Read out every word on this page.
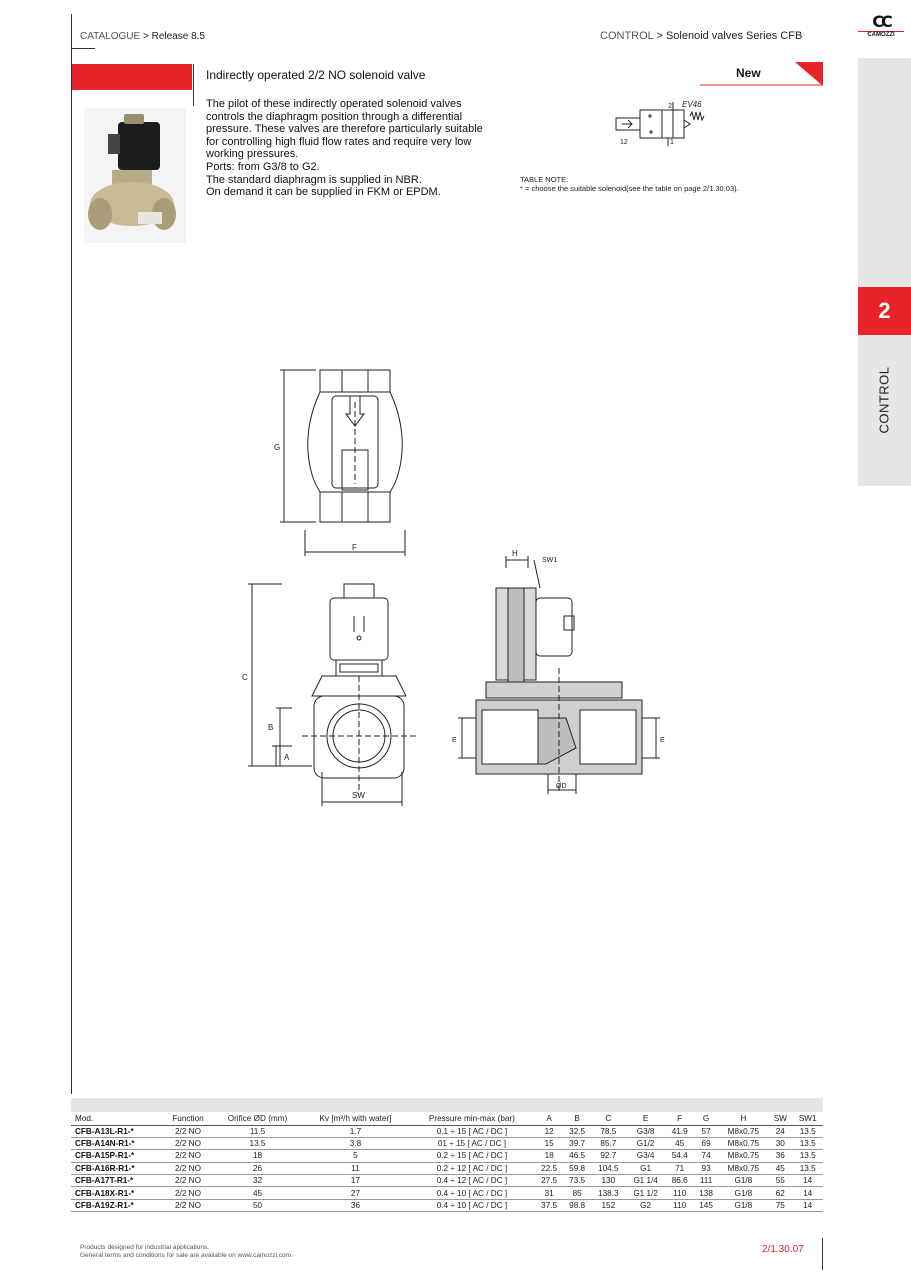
CATALOGUE > Release 8.5	CONTROL > Solenoid valves Series CFB
CC
CAMOZZI
2
CONTROL
Indirectly operated 2/2 NO solenoid valve	New

The pilot of these indirectly operated solenoid valves controls the diaphragm position through a differential pressure. These valves are therefore particularly suitable for controlling high fluid flow rates and require very low working pressures.

Ports: from G3/8 to G2.

The standard diaphragm is supplied in NBR.

On demand it can be supplied in FKM or EPDM.

2 EV46
12	1
TABLE NOTE:
* = choose the suitable solenoid(see the table on page 2/1.30.03).
G
F
C
B
A
SW
H
SW1
E	E
ØD
Mod.	Function	Orifice ØD (mm)	Kv [m³/h with water]	Pressure min-max (bar)	A	B	C	E	F	G	H	SW	SW1
CFB-A13L-R1-*	2/2 NO	11.5	1.7	0.1 ÷ 15 [ AC / DC ]	12	32.5	78.5	G3/8	41.9	57	M8x0.75	24	13.5
CFB-A14N-R1-*	2/2 NO	13.5	3.8	01 ÷ 15 [ AC / DC ]	15	39.7	85.7	G1/2	45	69	M8x0.75	30	13.5
CFB-A15P-R1-*	2/2 NO	18	5	0.2 ÷ 15 [ AC / DC ]	18	46.5	92.7	G3/4	54.4	74	M8x0.75	36	13.5
CFB-A16R-R1-*	2/2 NO	26	11	0.2 ÷ 12 [ AC / DC ]	22.5	59.8	104.5	G1	71	93	M8x0.75	45	13.5
CFB-A17T-R1-*	2/2 NO	32	17	0.4 ÷ 12 [ AC / DC ]	27.5	73.5	130	G1 1/4	86.6	111	G1/8	55	14
CFB-A18X-R1-*	2/2 NO	45	27	0.4 ÷ 10 [ AC / DC ]	31	85	138.3	G1 1/2	110	138	G1/8	62	14
CFB-A19Z-R1-*	2/2 NO	50	36	0.4 ÷ 10 [ AC / DC ]	37.5	98.8	152	G2	110	145	G1/8	75	14
Products designed for industrial applications.
General terms and conditions for sale are available on www.camozzi.com.
2/1.30.07
